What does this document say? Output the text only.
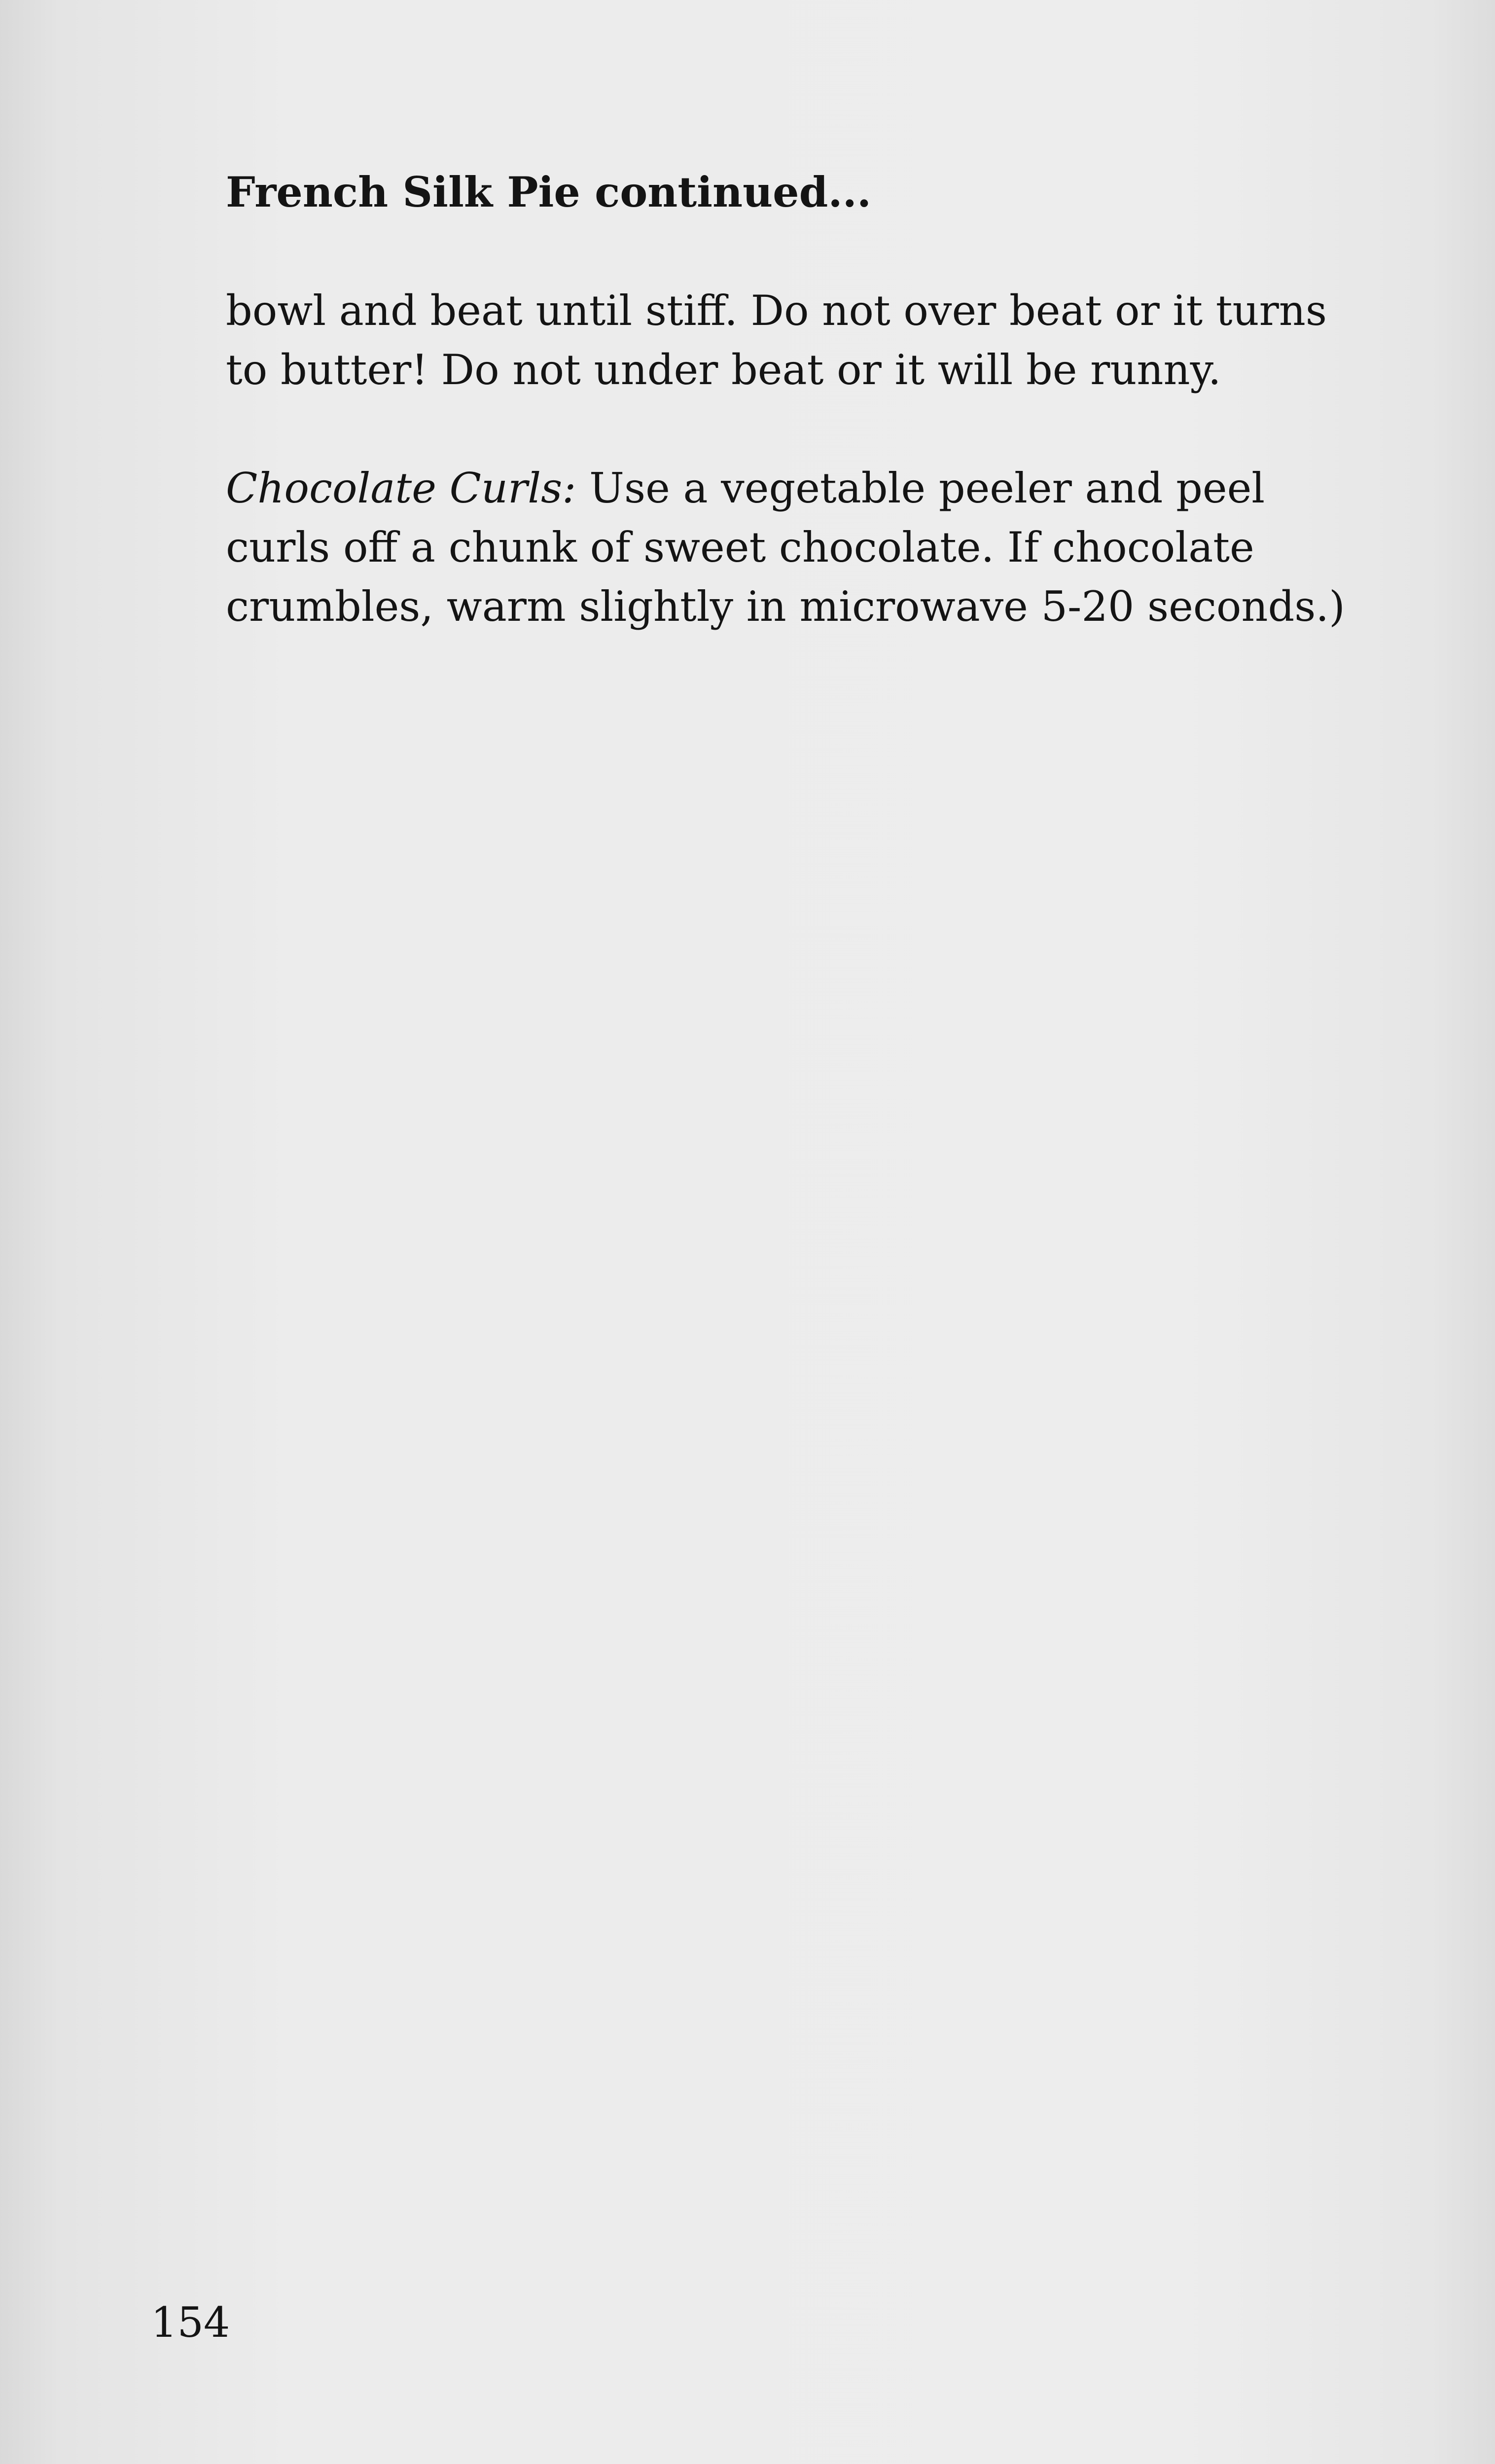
French Silk Pie continued...

bowl and beat until stiff. Do not over beat or it turns to butter! Do not under beat or it will be runny.

Chocolate Curls: Use a vegetable peeler and peel curls off a chunk of sweet chocolate. If chocolate crumbles, warm slightly in microwave 5-20 seconds.)

154
